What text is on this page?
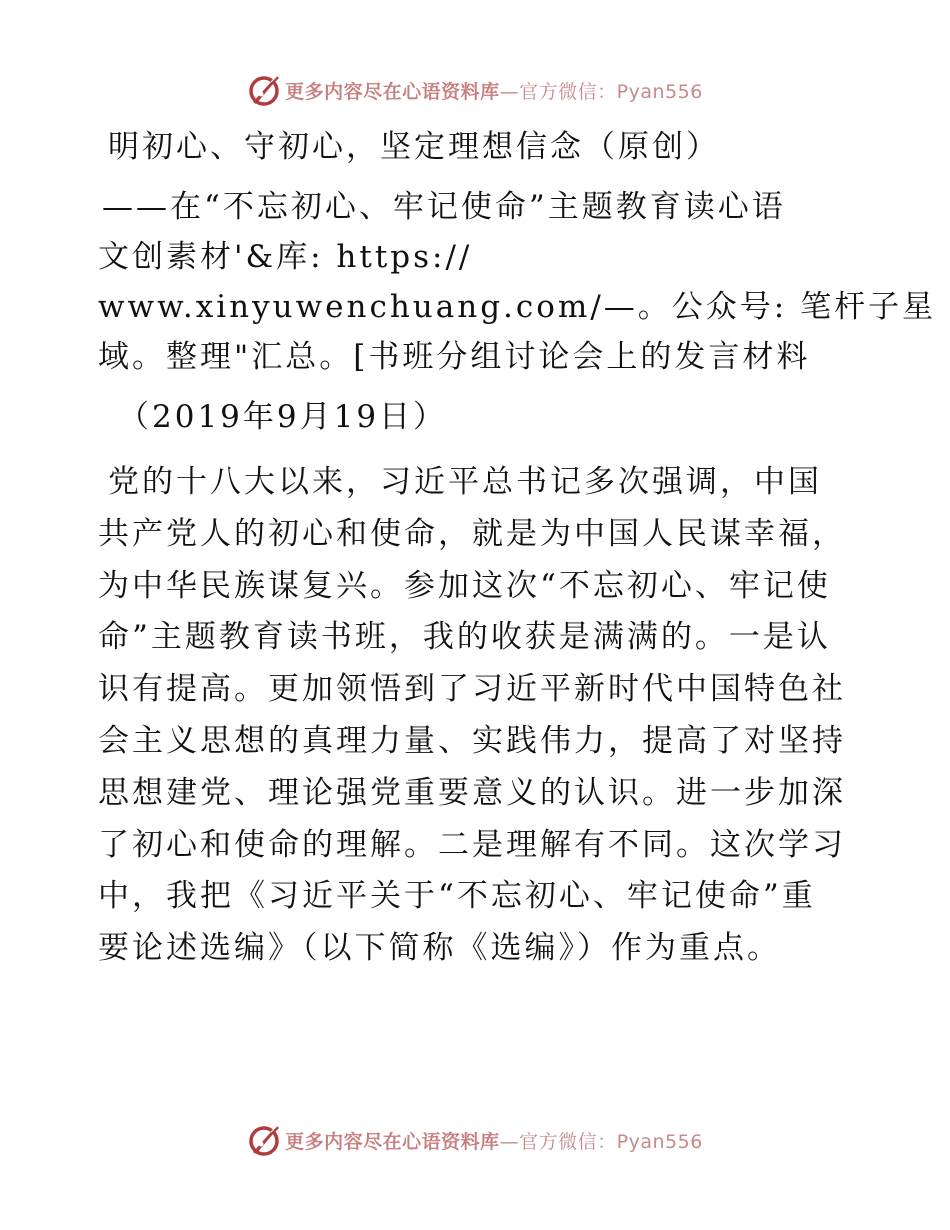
更多内容尽在心语资料库—官方微信：Pyan556
明初心、守初心，坚定理想信念（原创）
——在“不忘初心、牢记使命”主题教育读心语
文创素材'&库: https://
www.xinyuwenchuang.com/—。公众号: 笔杆子星
域。整理"汇总。[书班分组讨论会上的发言材料
（2019年9月19日）
党的十八大以来，习近平总书记多次强调，中国
共产党人的初心和使命，就是为中国人民谋幸福，
为中华民族谋复兴。参加这次“不忘初心、牢记使
命”主题教育读书班，我的收获是满满的。一是认
识有提高。更加领悟到了习近平新时代中国特色社
会主义思想的真理力量、实践伟力，提高了对坚持
思想建党、理论强党重要意义的认识。进一步加深
了初心和使命的理解。二是理解有不同。这次学习
中，我把《习近平关于“不忘初心、牢记使命”重
要论述选编》（以下简称《选编》）作为重点。
更多内容尽在心语资料库—官方微信：Pyan556
